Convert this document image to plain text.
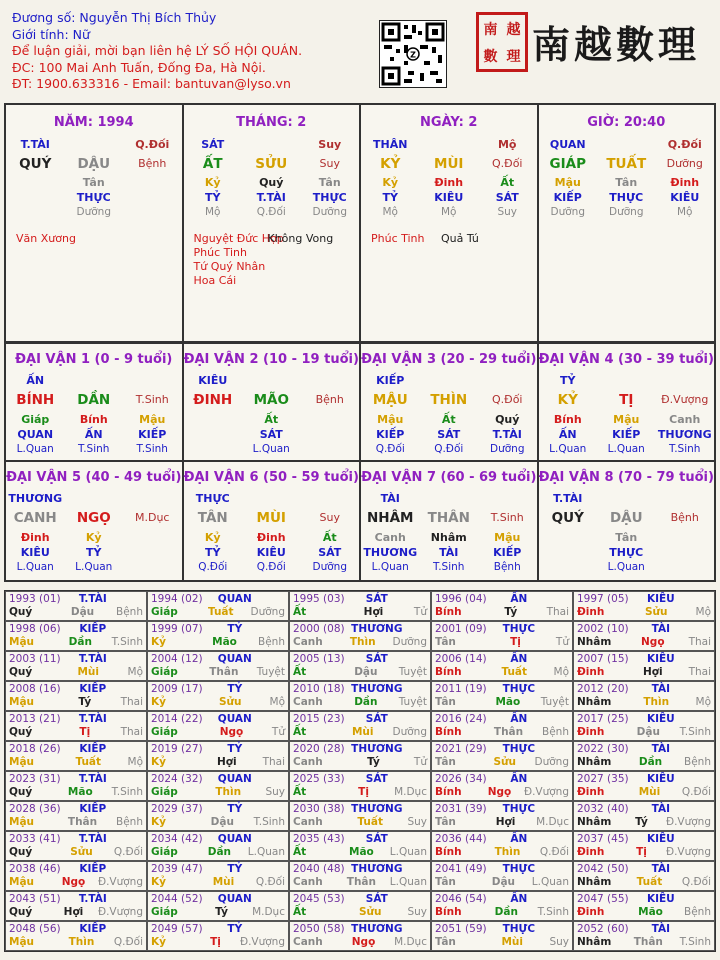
Đương số: Nguyễn Thị Bích Thủy
Giới tính: Nữ
Để luận giải, mời bạn liên hệ LÝ SỐ HỘI QUÁN.
ĐC: 100 Mai Anh Tuấn, Đống Đa, Hà Nội.
ĐT: 1900.633316 - Email: bantuvan@lyso.vn
Z
南 越
數 理 南越數理
NĂM: 1994
T.TÀI	Q.Đối
QUÝ	DẬU	Bệnh
Tân
THỰC
Dưỡng
Văn Xương
THÁNG: 2
SÁT	Suy
ẤT	SỬU	Suy
Kỷ	Quý	Tân
TỶ	T.TÀI	THỰC
Mộ	Q.Đối	Dưỡng
Nguyệt Đức Hợp
Phúc Tinh
Tứ Quý Nhân
Hoa Cái
Không Vong
NGÀY: 2
THÂN	Mộ
KỶ	MÙI	Q.Đối
Kỷ	Đinh	Ất
TỶ	KIÊU	SÁT
Mộ	Mộ	Suy
Phúc Tinh	Quả Tú
GIỜ: 20:40
QUAN	Q.Đối
GIÁP	TUẤT	Dưỡng
Mậu	Tân	Đinh
KIẾP	THỰC	KIÊU
Dưỡng	Dưỡng	Mộ
ĐẠI VẬN 1 (0 - 9 tuổi)
ẤN
BÍNH	DẦN	T.Sinh
Giáp	Bính	Mậu
QUAN	ẤN	KIẾP
L.Quan	T.Sinh	T.Sinh
ĐẠI VẬN 2 (10 - 19 tuổi)
KIÊU
ĐINH	MÃO	Bệnh
Ất
SÁT
L.Quan
ĐẠI VẬN 3 (20 - 29 tuổi)
KIẾP
MẬU	THÌN	Q.Đối
Mậu	Ất	Quý
KIẾP	SÁT	T.TÀI
Q.Đối	Q.Đối	Dưỡng
ĐẠI VẬN 4 (30 - 39 tuổi)
TỶ
KỶ	TỊ	Đ.Vượng
Bính	Mậu	Canh
ẤN	KIẾP	THƯƠNG
L.Quan	L.Quan	T.Sinh
ĐẠI VẬN 5 (40 - 49 tuổi)
THƯƠNG
CANH	NGỌ	M.Dục
Đinh	Kỷ
KIÊU	TỶ
L.Quan	L.Quan
ĐẠI VẬN 6 (50 - 59 tuổi)
THỰC
TÂN	MÙI	Suy
Kỷ	Đinh	Ất
TỶ	KIÊU	SÁT
Q.Đối	Q.Đối	Dưỡng
ĐẠI VẬN 7 (60 - 69 tuổi)
TÀI
NHÂM	THÂN	T.Sinh
Canh	Nhâm	Mậu
THƯƠNG	TÀI	KIẾP
L.Quan	T.Sinh	Bệnh
ĐẠI VẬN 8 (70 - 79 tuổi)
T.TÀI
QUÝ	DẬU	Bệnh
Tân
THỰC
L.Quan
1993 (01)	T.TÀI
Quý	Dậu	Bệnh
1994 (02)	QUAN
Giáp	Tuất	Dưỡng
1995 (03)	SÁT
Ất	Hợi	Tử
1996 (04)	ẤN
Bính	Tý	Thai
1997 (05)	KIÊU
Đinh	Sửu	Mộ
1998 (06)	KIẾP
Mậu	Dần	T.Sinh
1999 (07)	TỶ
Kỷ	Mão	Bệnh
2000 (08) THƯƠNG
Canh	Thìn	Dưỡng
2001 (09)	THỰC
Tân	Tị	Tử
2002 (10)	TÀI
Nhâm	Ngọ	Thai
2003 (11)	T.TÀI
Quý	Mùi	Mộ
2004 (12)	QUAN
Giáp	Thân	Tuyệt
2005 (13)	SÁT
Ất	Dậu	Tuyệt
2006 (14)	ẤN
Bính	Tuất	Mộ
2007 (15)	KIÊU
Đinh	Hợi	Thai
2008 (16)	KIẾP
Mậu	Tý	Thai
2009 (17)	TỶ
Kỷ	Sửu	Mộ
2010 (18) THƯƠNG
Canh	Dần	Tuyệt
2011 (19)	THỰC
Tân	Mão	Tuyệt
2012 (20)	TÀI
Nhâm	Thìn	Mộ
2013 (21)	T.TÀI
Quý	Tị	Thai
2014 (22)	QUAN
Giáp	Ngọ	Tử
2015 (23)	SÁT
Ất	Mùi	Dưỡng
2016 (24)	ẤN
Bính	Thân	Bệnh
2017 (25)	KIÊU
Đinh	Dậu	T.Sinh
2018 (26)	KIẾP
Mậu	Tuất	Mộ
2019 (27)	TỶ
Kỷ	Hợi	Thai
2020 (28) THƯƠNG
Canh	Tý	Tử
2021 (29)	THỰC
Tân	Sửu	Dưỡng
2022 (30)	TÀI
Nhâm	Dần	Bệnh
2023 (31)	T.TÀI
Quý	Mão	T.Sinh
2024 (32)	QUAN
Giáp	Thìn	Suy
2025 (33)	SÁT
Ất	Tị	M.Dục
2026 (34)	ẤN
Bính	Ngọ	Đ.Vượng
2027 (35)	KIÊU
Đinh	Mùi	Q.Đối
2028 (36)	KIẾP
Mậu	Thân	Bệnh
2029 (37)	TỶ
Kỷ	Dậu	T.Sinh
2030 (38) THƯƠNG
Canh	Tuất	Suy
2031 (39)	THỰC
Tân	Hợi	M.Dục
2032 (40)	TÀI
Nhâm	Tý	Đ.Vượng
2033 (41)	T.TÀI
Quý	Sửu	Q.Đối
2034 (42)	QUAN
Giáp	Dần	L.Quan
2035 (43)	SÁT
Ất	Mão	L.Quan
2036 (44)	ẤN
Bính	Thìn	Q.Đối
2037 (45)	KIÊU
Đinh	Tị	Đ.Vượng
2038 (46)	KIẾP
Mậu	Ngọ	Đ.Vượng
2039 (47)	TỶ
Kỷ	Mùi	Q.Đối
2040 (48) THƯƠNG
Canh	Thân	L.Quan
2041 (49)	THỰC
Tân	Dậu	L.Quan
2042 (50)	TÀI
Nhâm	Tuất	Q.Đối
2043 (51)	T.TÀI
Quý	Hợi	Đ.Vượng
2044 (52)	QUAN
Giáp	Tý	M.Dục
2045 (53)	SÁT
Ất	Sửu	Suy
2046 (54)	ẤN
Bính	Dần	T.Sinh
2047 (55)	KIÊU
Đinh	Mão	Bệnh
2048 (56)	KIẾP
Mậu	Thìn	Q.Đối
2049 (57)	TỶ
Kỷ	Tị	Đ.Vượng
2050 (58) THƯƠNG
Canh	Ngọ	M.Dục
2051 (59)	THỰC
Tân	Mùi	Suy
2052 (60)	TÀI
Nhâm	Thân	T.Sinh
